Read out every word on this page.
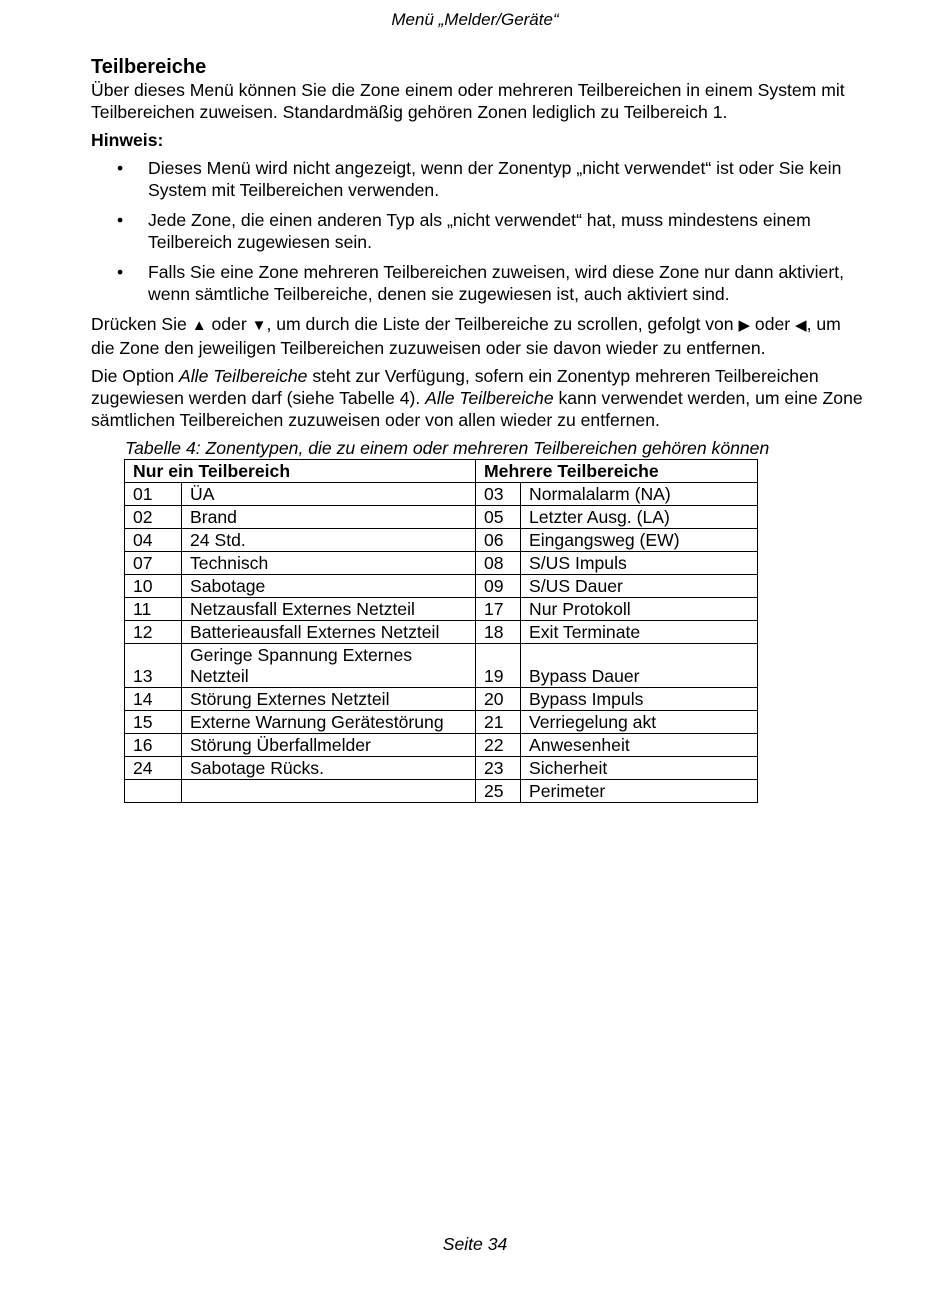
Menü „Melder/Geräte“
Teilbereiche

Über dieses Menü können Sie die Zone einem oder mehreren Teilbereichen in einem System mit Teilbereichen zuweisen. Standardmäßig gehören Zonen lediglich zu Teilbereich 1.

Hinweis:
• Dieses Menü wird nicht angezeigt, wenn der Zonentyp „nicht verwendet“ ist oder Sie kein System mit Teilbereichen verwenden.
• Jede Zone, die einen anderen Typ als „nicht verwendet“ hat, muss mindestens einem Teilbereich zugewiesen sein.
• Falls Sie eine Zone mehreren Teilbereichen zuweisen, wird diese Zone nur dann aktiviert, wenn sämtliche Teilbereiche, denen sie zugewiesen ist, auch aktiviert sind.

Drücken Sie ▲ oder ▼, um durch die Liste der Teilbereiche zu scrollen, gefolgt von ▶ oder ◀, um die Zone den jeweiligen Teilbereichen zuzuweisen oder sie davon wieder zu entfernen.

Die Option Alle Teilbereiche steht zur Verfügung, sofern ein Zonentyp mehreren Teilbereichen zugewiesen werden darf (siehe Tabelle 4). Alle Teilbereiche kann verwendet werden, um eine Zone sämtlichen Teilbereichen zuzuweisen oder von allen wieder zu entfernen.

Tabelle 4: Zonentypen, die zu einem oder mehreren Teilbereichen gehören können
Nur ein Teilbereich		Mehrere Teilbereiche	
01	ÜA	03	Normalalarm (NA)
02	Brand	05	Letzter Ausg. (LA)
04	24 Std.	06	Eingangsweg (EW)
07	Technisch	08	S/US Impuls
10	Sabotage	09	S/US Dauer
11	Netzausfall Externes Netzteil	17	Nur Protokoll
12	Batterieausfall Externes Netzteil	18	Exit Terminate
13	Geringe Spannung Externes Netzteil	19	Bypass Dauer
14	Störung Externes Netzteil	20	Bypass Impuls
15	Externe Warnung Gerätestörung	21	Verriegelung akt
16	Störung Überfallmelder	22	Anwesenheit
24	Sabotage Rücks.	23	Sicherheit
		25	Perimeter
Seite 34
